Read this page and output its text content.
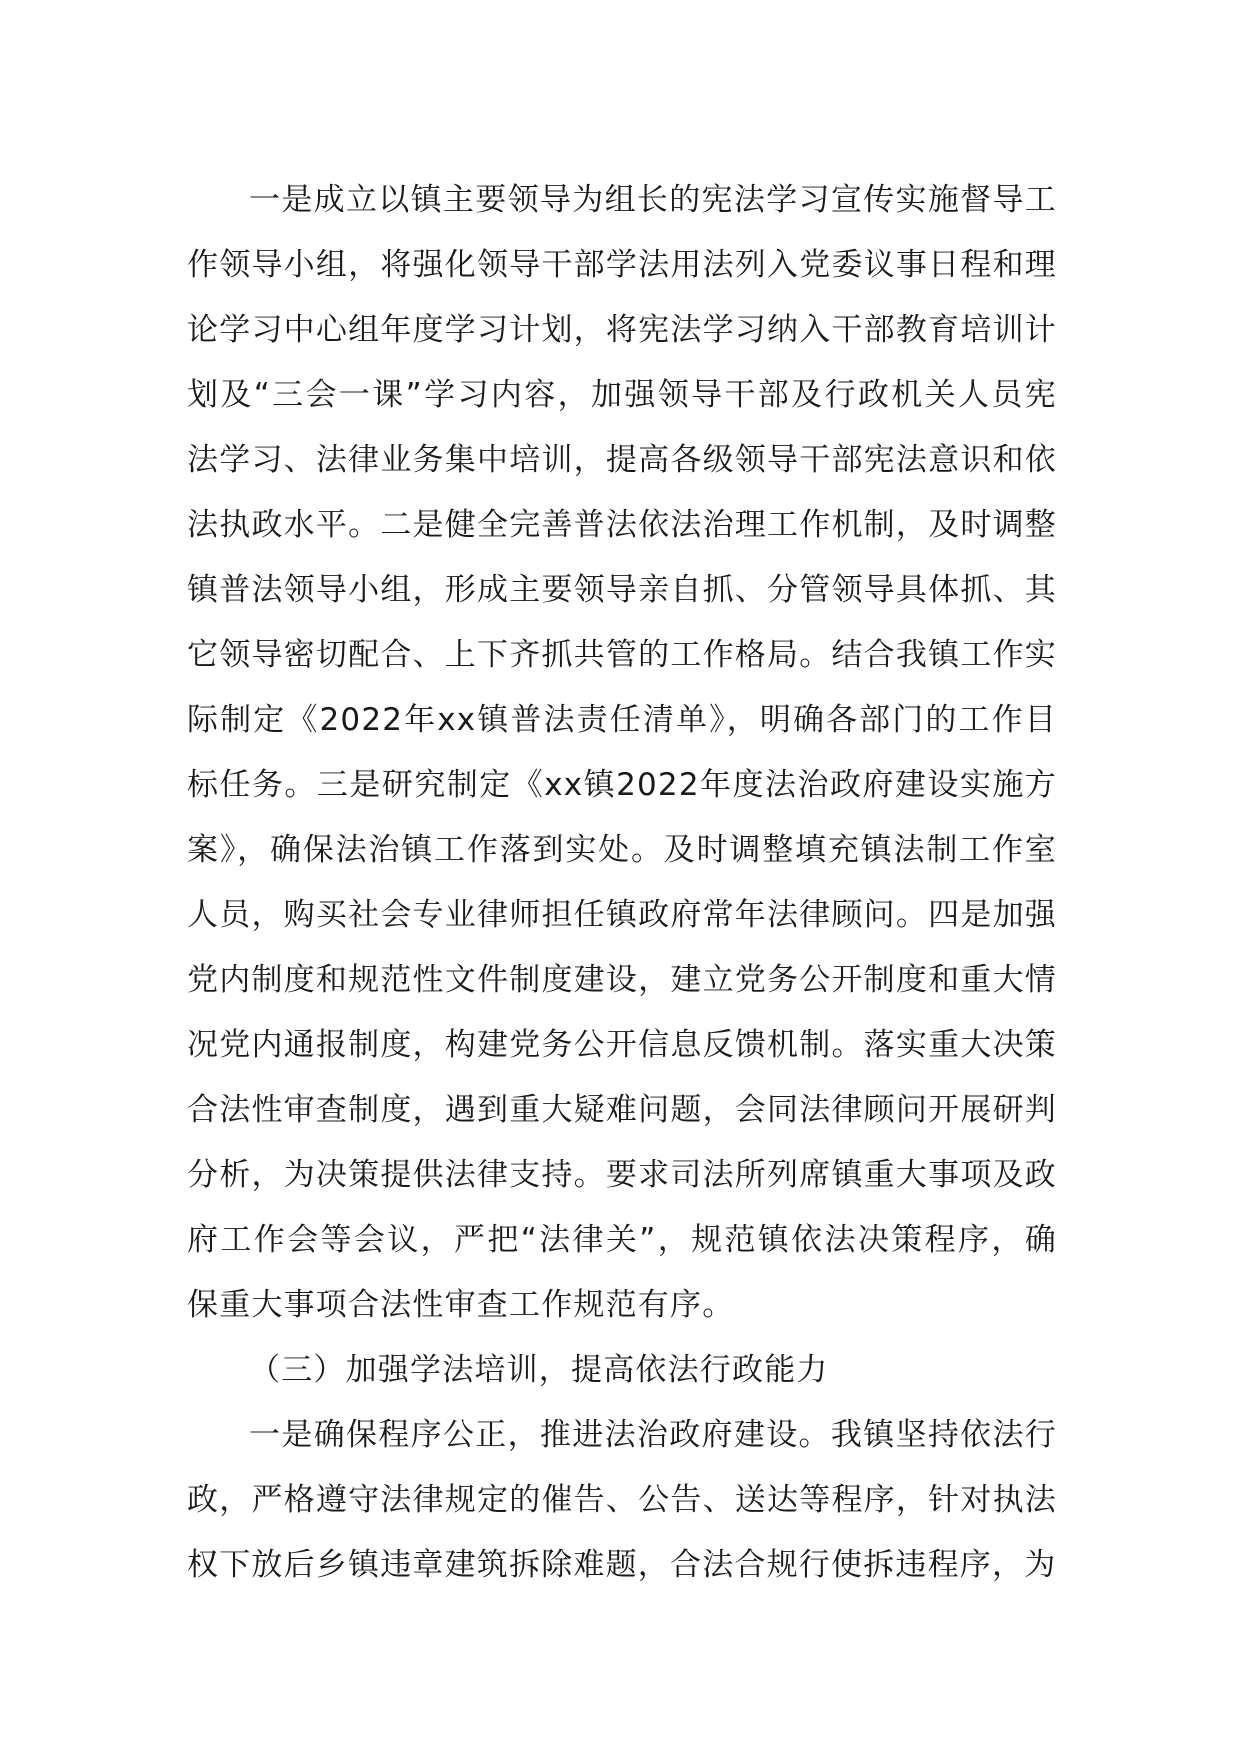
一是成立以镇主要领导为组长的宪法学习宣传实施督导工作领导小组，将强化领导干部学法用法列入党委议事日程和理论学习中心组年度学习计划，将宪法学习纳入干部教育培训计划及“三会一课”学习内容，加强领导干部及行政机关人员宪法学习、法律业务集中培训，提高各级领导干部宪法意识和依法执政水平。二是健全完善普法依法治理工作机制，及时调整镇普法领导小组，形成主要领导亲自抓、分管领导具体抓、其它领导密切配合、上下齐抓共管的工作格局。结合我镇工作实际制定《2022年xx镇普法责任清单》，明确各部门的工作目标任务。三是研究制定《xx镇2022年度法治政府建设实施方案》，确保法治镇工作落到实处。及时调整填充镇法制工作室人员，购买社会专业律师担任镇政府常年法律顾问。四是加强党内制度和规范性文件制度建设，建立党务公开制度和重大情况党内通报制度，构建党务公开信息反馈机制。落实重大决策合法性审查制度，遇到重大疑难问题，会同法律顾问开展研判分析，为决策提供法律支持。要求司法所列席镇重大事项及政府工作会等会议，严把“法律关”，规范镇依法决策程序，确保重大事项合法性审查工作规范有序。

（三）加强学法培训，提高依法行政能力

一是确保程序公正，推进法治政府建设。我镇坚持依法行政，严格遵守法律规定的催告、公告、送达等程序，针对执法权下放后乡镇违章建筑拆除难题，合法合规行使拆违程序，为
